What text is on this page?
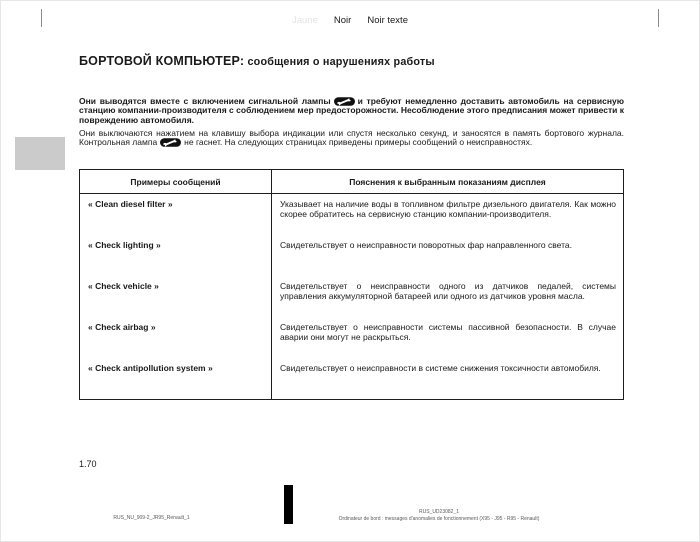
Jaune Noir Noir texte
БОРТОВОЙ КОМПЬЮТЕР: сообщения о нарушениях работы

Они выводятся вместе с включением сигнальной лампы	и требуют немедленно доставить автомобиль на сервисную станцию компании-производителя с соблюдением мер предосторожности. Несоблюдение этого предписания может привести к повреждению автомобиля.

Они выключаются нажатием на клавишу выбора индикации или спустя несколько секунд, и заносятся в память бортового журнала. Контрольная лампа	не гаснет. На следующих страницах приведены примеры сообщений о неисправностях.

Примеры сообщений	Пояснения к выбранным показаниям дисплея
« Clean diesel filter »	Указывает на наличие воды в топливном фильтре дизельного двигателя. Как можно скорее обратитесь на сервисную станцию компании-производителя.
« Check lighting »	Свидетельствует о неисправности поворотных фар направленного света.
« Check vehicle »	Свидетельствует о неисправности одного из датчиков педалей, системы управления аккумуляторной батареей или одного из датчиков уровня масла.
« Check airbag »	Свидетельствует о неисправности системы пассивной безопасности. В случае аварии они могут не раскрыться.
« Check antipollution system »	Свидетельствует о неисправности в системе снижения токсичности автомобиля.
1.70
RUS_NU_909-2_JR95_Renault_1
RUS_UD23082_1
Ordinateur de bord : messages d'anomalies de fonctionnement (X95 - J95 - R95 - Renault)
